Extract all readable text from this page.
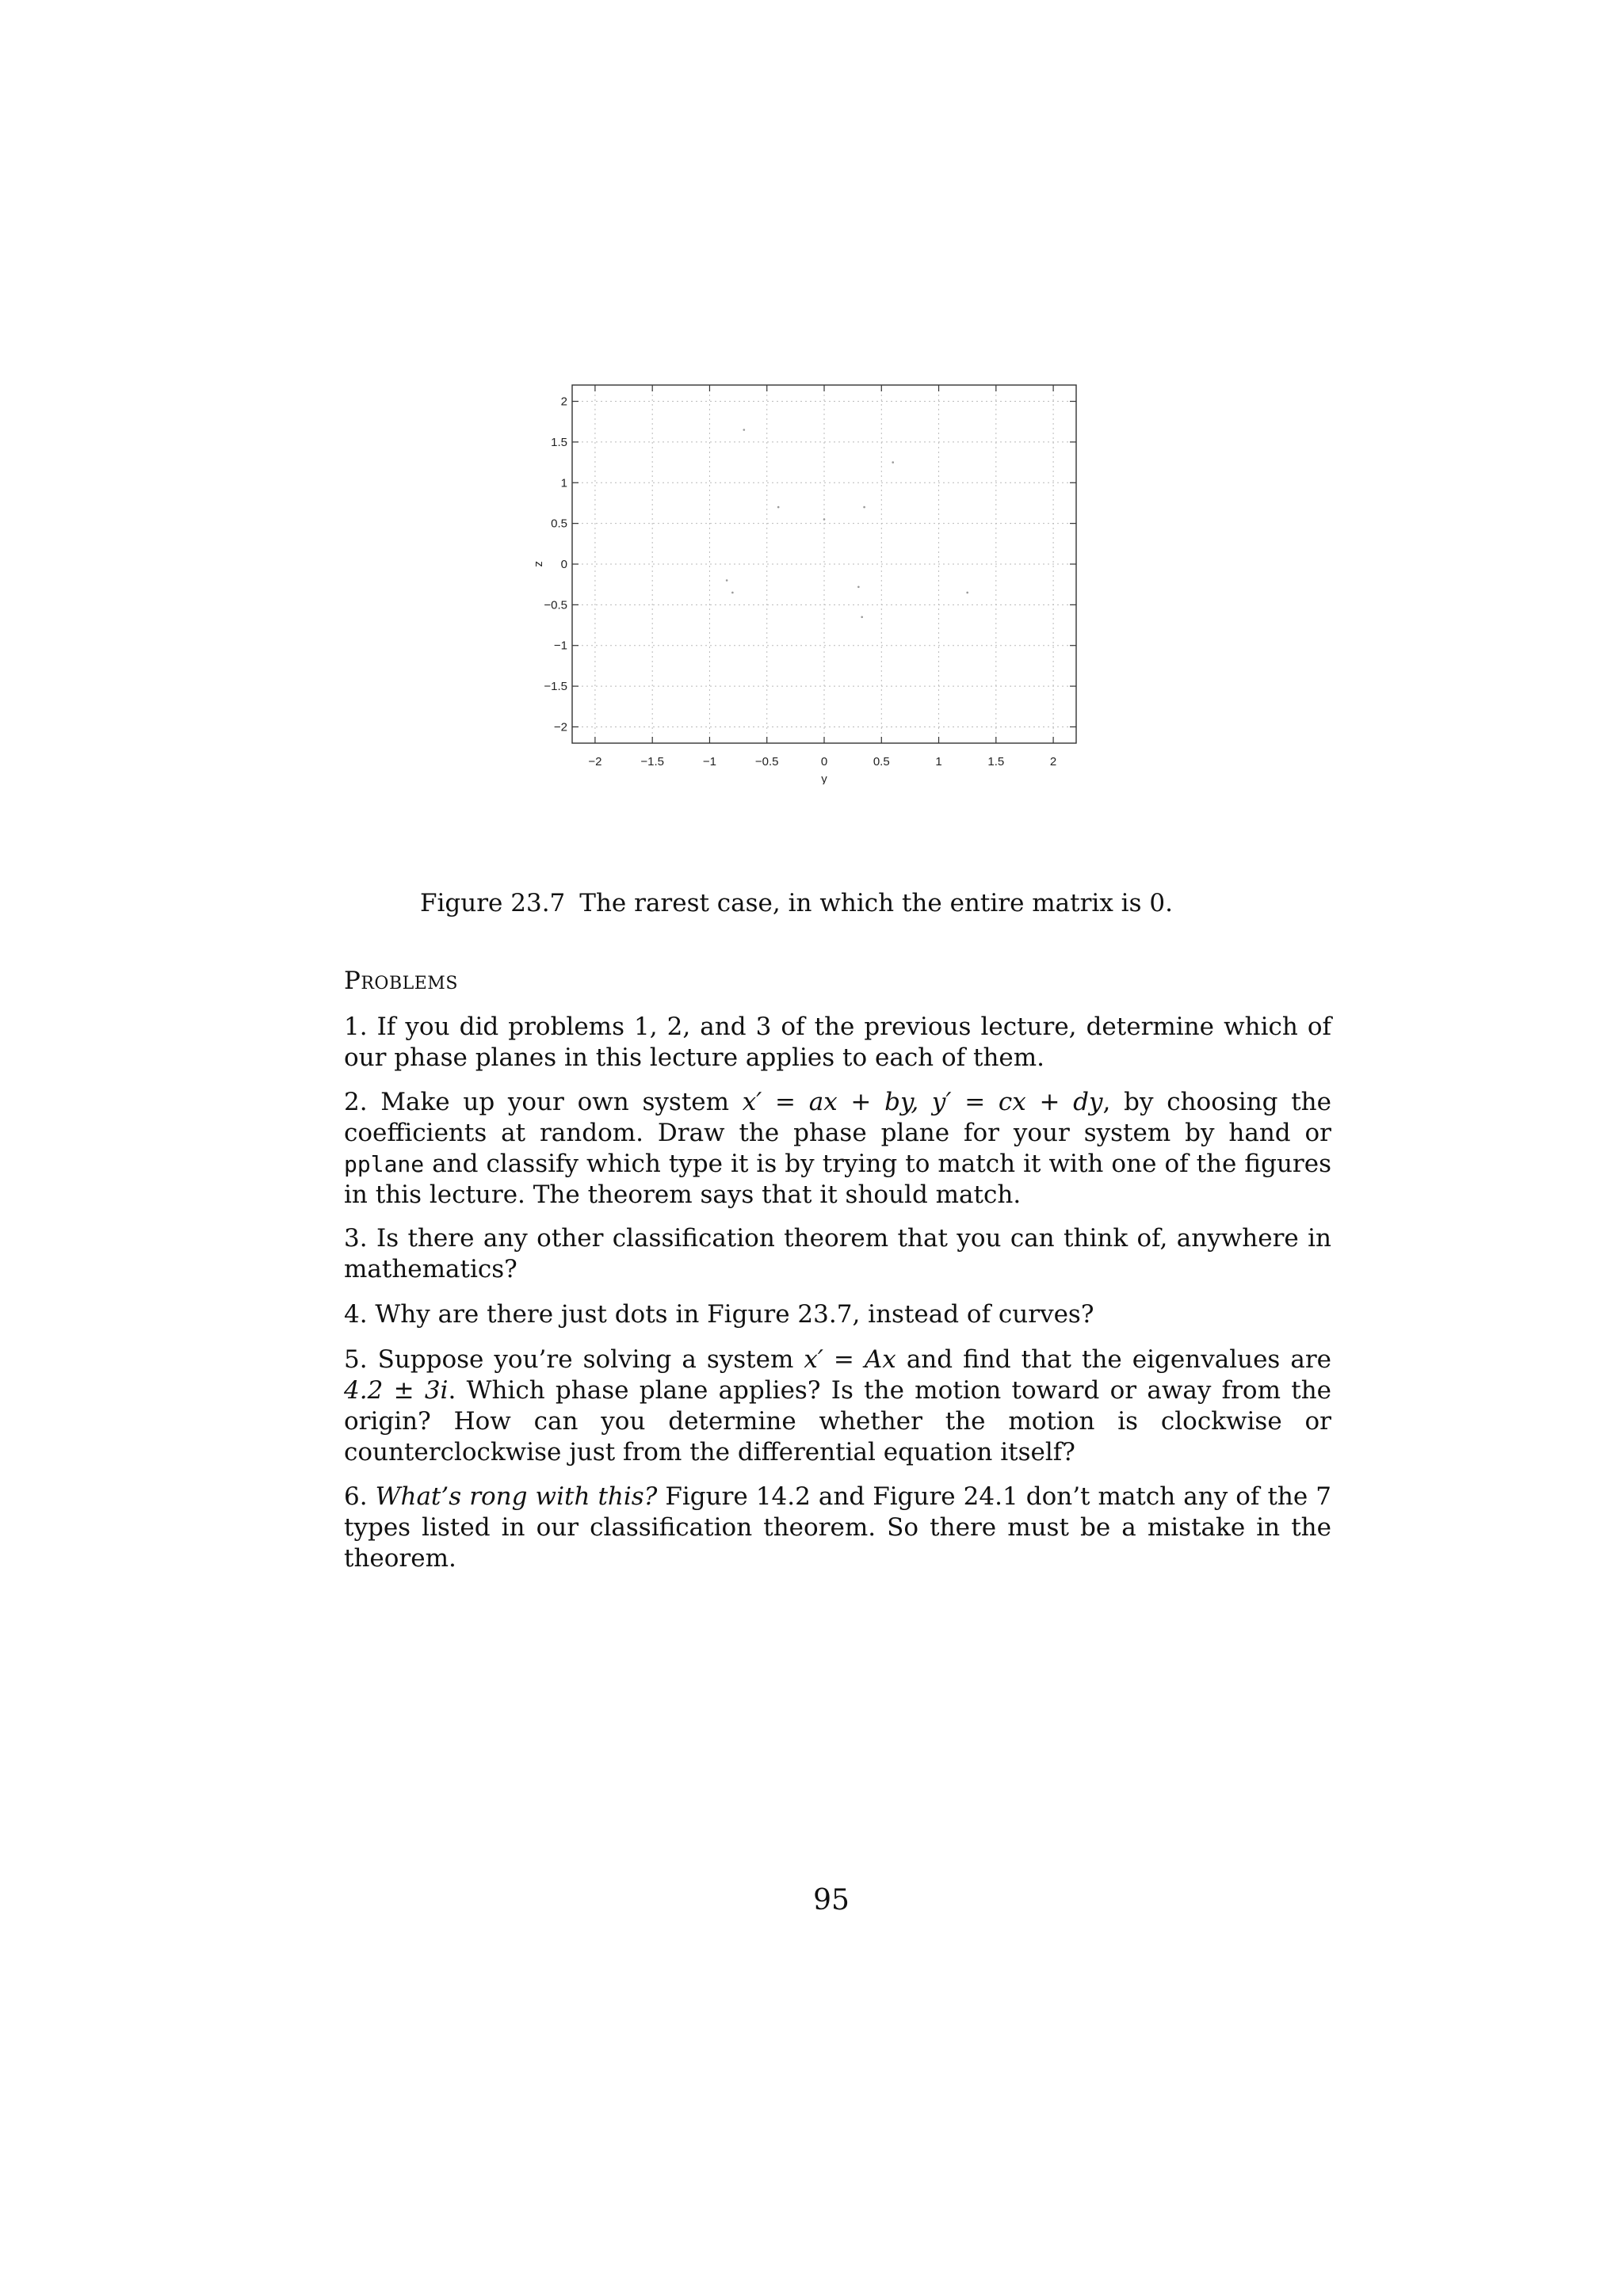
−2	−1.5	−1	−0.5	0	0.5	1	1.5	2
2
1.5
1
0.5
0
−0.5
−1
−1.5
−2
y
z
Figure 23.7 The rarest case, in which the entire matrix is 0.
Problems
1. If you did problems 1, 2, and 3 of the previous lecture, determine which of our phase planes in this lecture applies to each of them.
2. Make up your own system x′ = ax + by, y′ = cx + dy, by choosing the coefficients at random. Draw the phase plane for your system by hand or pplane and classify which type it is by trying to match it with one of the figures in this lecture. The theorem says that it should match.
3. Is there any other classification theorem that you can think of, anywhere in mathematics?
4. Why are there just dots in Figure 23.7, instead of curves?
5. Suppose you’re solving a system x′ = Ax and find that the eigenvalues are 4.2 ± 3i. Which phase plane applies? Is the motion toward or away from the origin? How can you determine whether the motion is clockwise or counterclockwise just from the differential equation itself?
6. What’s rong with this? Figure 14.2 and Figure 24.1 don’t match any of the 7 types listed in our classification theorem. So there must be a mistake in the theorem.
95
